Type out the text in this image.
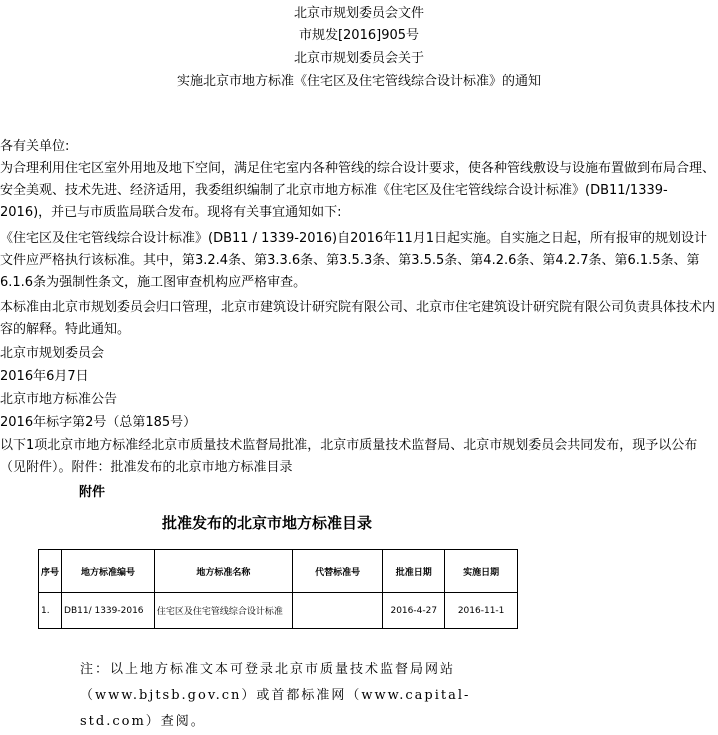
北京市规划委员会文件
市规发[2016]905号
北京市规划委员会关于
实施北京市地方标准《住宅区及住宅管线综合设计标准》的通知
各有关单位:
为合理利用住宅区室外用地及地下空间，满足住宅室内各种管线的综合设计要求，使各种管线敷设与设施布置做到布局合理、安全美观、技术先进、经济适用，我委组织编制了北京市地方标准《住宅区及住宅管线综合设计标准》(DB11/1339-2016)，并已与市质监局联合发布。现将有关事宜通知如下:
《住宅区及住宅管线综合设计标准》(DB11 / 1339-2016)自2016年11月1日起实施。自实施之日起，所有报审的规划设计文件应严格执行该标准。其中，第3.2.4条、第3.3.6条、第3.5.3条、第3.5.5条、第4.2.6条、第4.2.7条、第6.1.5条、第6.1.6条为强制性条文，施工图审查机构应严格审查。
本标准由北京市规划委员会归口管理，北京市建筑设计研究院有限公司、北京市住宅建筑设计研究院有限公司负责具体技术内容的解释。特此通知。
北京市规划委员会
2016年6月7日
北京市地方标准公告
2016年标字第2号（总第185号）
以下1项北京市地方标准经北京市质量技术监督局批准，北京市质量技术监督局、北京市规划委员会共同发布，现予以公布（见附件）。附件：批准发布的北京市地方标准目录
附件
批准发布的北京市地方标准目录
序号	地方标准编号	地方标准名称	代替标准号	批准日期	实施日期
1.	DB11/ 1339-2016	住宅区及住宅管线综合设计标准		2016-4-27	2016-11-1
注：以上地方标准文本可登录北京市质量技术监督局网站（www.bjtsb.gov.cn）或首都标准网（www.capital-std.com）查阅。
